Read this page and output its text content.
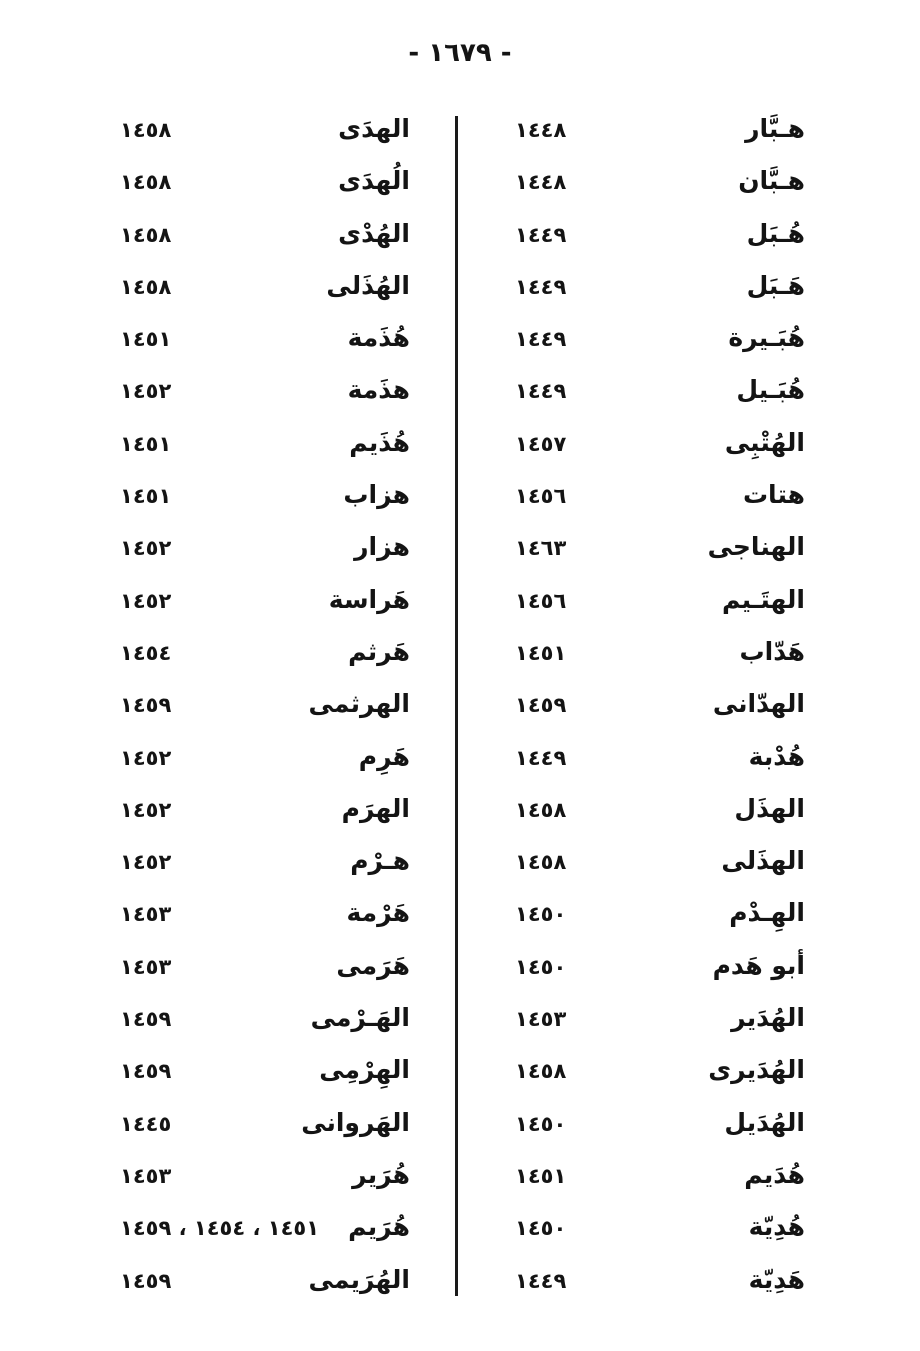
- ١٦٧٩ -
هـبَّار
١٤٤٨
هـبَّان
١٤٤٨
هُـبَل
١٤٤٩
هَـبَل
١٤٤٩
هُبَـيرة
١٤٤٩
هُبَـيل
١٤٤٩
الهُتْبِى
١٤٥٧
هتات
١٤٥٦
الهناجى
١٤٦٣
الهتَـيم
١٤٥٦
هَدّاب
١٤٥١
الهدّانى
١٤٥٩
هُدْبة
١٤٤٩
الهذَل
١٤٥٨
الهذَلى
١٤٥٨
الهِـدْم
١٤٥٠
أبو هَدم
١٤٥٠
الهُدَير
١٤٥٣
الهُدَيرى
١٤٥٨
الهُدَيل
١٤٥٠
هُدَيم
١٤٥١
هُدِيّة
١٤٥٠
هَدِيّة
١٤٤٩
الهدَى
١٤٥٨
الُهدَى
١٤٥٨
الهُدْى
١٤٥٨
الهُذَلى
١٤٥٨
هُذَمة
١٤٥١
هذَمة
١٤٥٢
هُذَيم
١٤٥١
هزاب
١٤٥١
هزار
١٤٥٢
هَراسة
١٤٥٢
هَرثم
١٤٥٤
الهرثمى
١٤٥٩
هَرِم
١٤٥٢
الهرَم
١٤٥٢
هـرْم
١٤٥٢
هَرْمة
١٤٥٣
هَرَمى
١٤٥٣
الهَـرْمى
١٤٥٩
الهِرْمِى
١٤٥٩
الهَروانى
١٤٤٥
هُرَير
١٤٥٣
هُرَيم
١٤٥١ ، ١٤٥٤ ، ١٤٥٩
الهُرَيمى
١٤٥٩
